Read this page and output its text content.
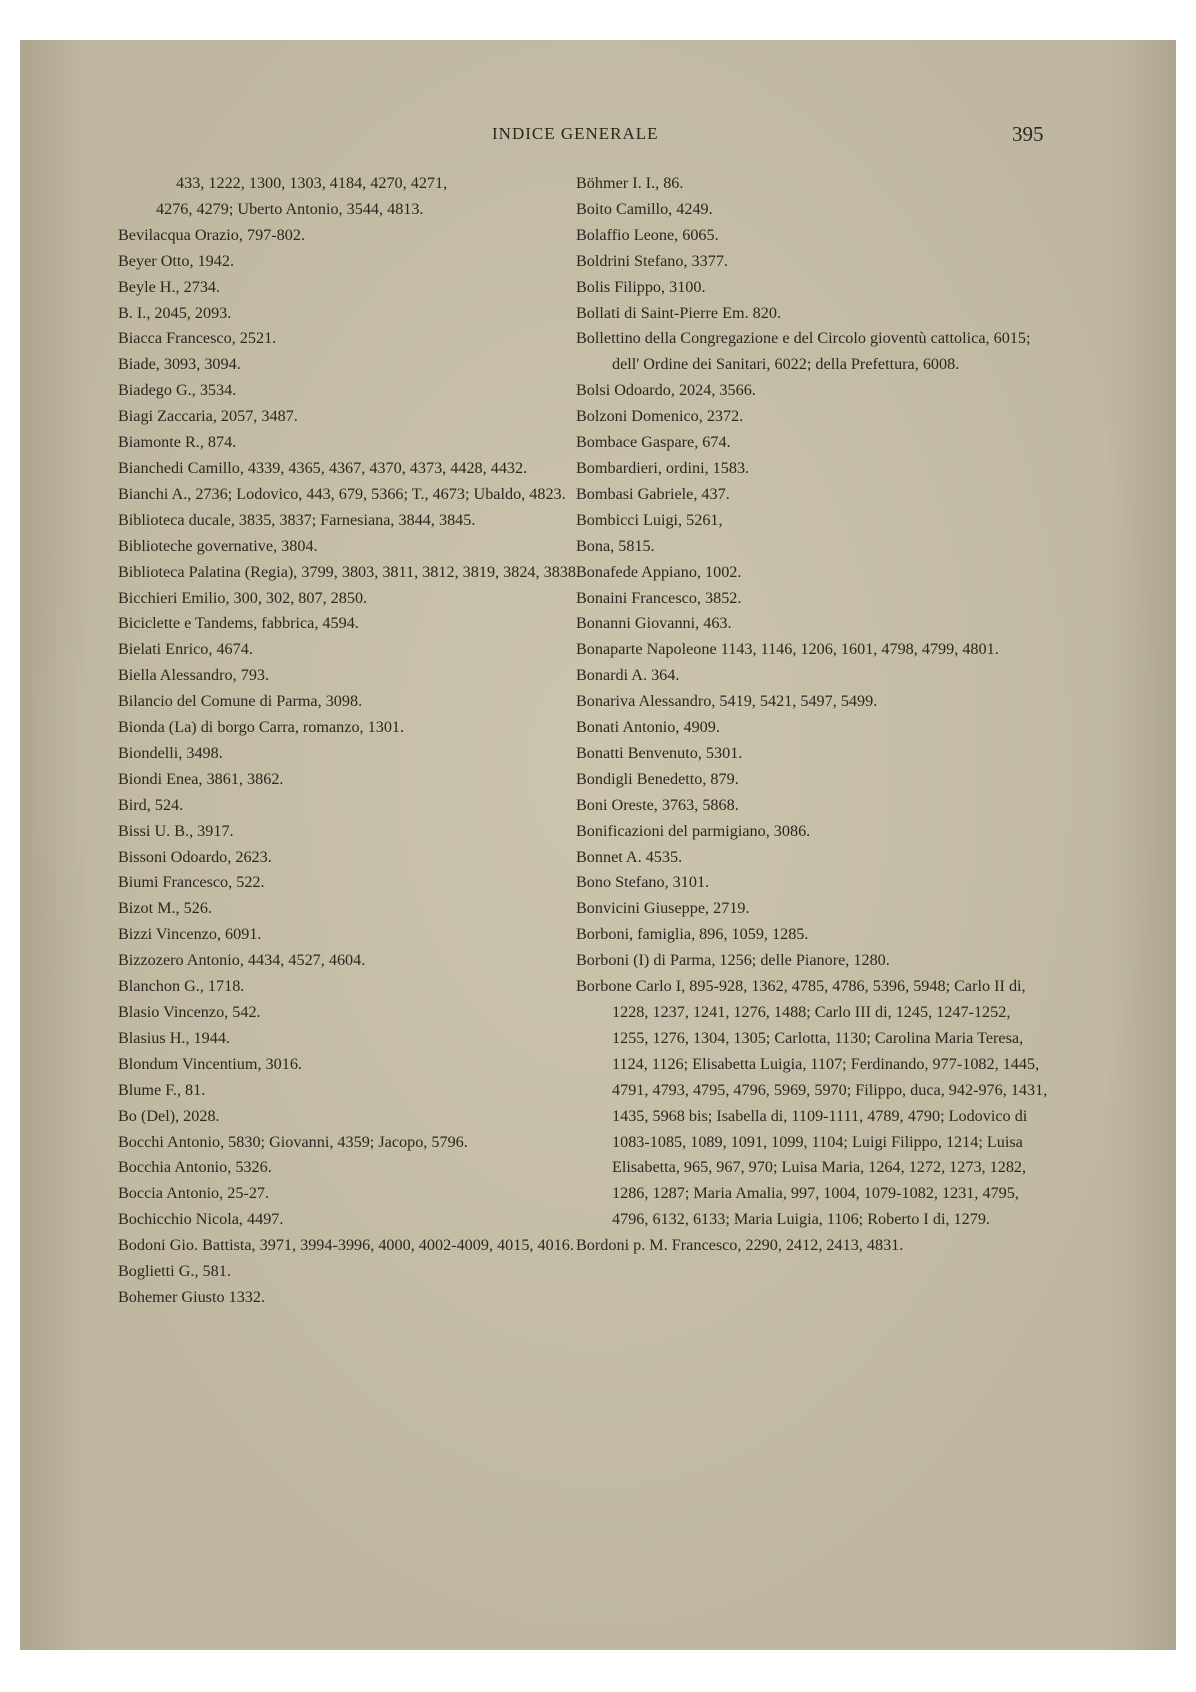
INDICE GENERALE	395

433, 1222, 1300, 1303, 4184, 4270, 4271,

4276, 4279; Uberto Antonio, 3544, 4813.

Bevilacqua Orazio, 797-802.

Beyer Otto, 1942.

Beyle H., 2734.

B. I., 2045, 2093.

Biacca Francesco, 2521.

Biade, 3093, 3094.

Biadego G., 3534.

Biagi Zaccaria, 2057, 3487.

Biamonte R., 874.

Bianchedi Camillo, 4339, 4365, 4367, 4370, 4373, 4428, 4432.

Bianchi A., 2736; Lodovico, 443, 679, 5366; T., 4673; Ubaldo, 4823.

Biblioteca ducale, 3835, 3837; Farnesiana, 3844, 3845.

Biblioteche governative, 3804.

Biblioteca Palatina (Regia), 3799, 3803, 3811, 3812, 3819, 3824, 3838.

Bicchieri Emilio, 300, 302, 807, 2850.

Biciclette e Tandems, fabbrica, 4594.

Bielati Enrico, 4674.

Biella Alessandro, 793.

Bilancio del Comune di Parma, 3098.

Bionda (La) di borgo Carra, romanzo, 1301.

Biondelli, 3498.

Biondi Enea, 3861, 3862.

Bird, 524.

Bissi U. B., 3917.

Bissoni Odoardo, 2623.

Biumi Francesco, 522.

Bizot M., 526.

Bizzi Vincenzo, 6091.

Bizzozero Antonio, 4434, 4527, 4604.

Blanchon G., 1718.

Blasio Vincenzo, 542.

Blasius H., 1944.

Blondum Vincentium, 3016.

Blume F., 81.

Bo (Del), 2028.

Bocchi Antonio, 5830; Giovanni, 4359; Jacopo, 5796.

Bocchia Antonio, 5326.

Boccia Antonio, 25-27.

Bochicchio Nicola, 4497.

Bodoni Gio. Battista, 3971, 3994-3996, 4000, 4002-4009, 4015, 4016.

Boglietti G., 581.

Bohemer Giusto 1332.

Böhmer I. I., 86.

Boito Camillo, 4249.

Bolaffio Leone, 6065.

Boldrini Stefano, 3377.

Bolis Filippo, 3100.

Bollati di Saint-Pierre Em. 820.

Bollettino della Congregazione e del Circolo gioventù cattolica, 6015; dell' Ordine dei Sanitari, 6022; della Prefettura, 6008.

Bolsi Odoardo, 2024, 3566.

Bolzoni Domenico, 2372.

Bombace Gaspare, 674.

Bombardieri, ordini, 1583.

Bombasi Gabriele, 437.

Bombicci Luigi, 5261,

Bona, 5815.

Bonafede Appiano, 1002.

Bonaini Francesco, 3852.

Bonanni Giovanni, 463.

Bonaparte Napoleone 1143, 1146, 1206, 1601, 4798, 4799, 4801.

Bonardi A. 364.

Bonariva Alessandro, 5419, 5421, 5497, 5499.

Bonati Antonio, 4909.

Bonatti Benvenuto, 5301.

Bondigli Benedetto, 879.

Boni Oreste, 3763, 5868.

Bonificazioni del parmigiano, 3086.

Bonnet A. 4535.

Bono Stefano, 3101.

Bonvicini Giuseppe, 2719.

Borboni, famiglia, 896, 1059, 1285.

Borboni (I) di Parma, 1256; delle Pianore, 1280.

Borbone Carlo I, 895-928, 1362, 4785, 4786, 5396, 5948; Carlo II di, 1228, 1237, 1241, 1276, 1488; Carlo III di, 1245, 1247-1252, 1255, 1276, 1304, 1305; Carlotta, 1130; Carolina Maria Teresa, 1124, 1126; Elisabetta Luigia, 1107; Ferdinando, 977-1082, 1445, 4791, 4793, 4795, 4796, 5969, 5970; Filippo, duca, 942-976, 1431, 1435, 5968 bis; Isabella di, 1109-1111, 4789, 4790; Lodovico di 1083-1085, 1089, 1091, 1099, 1104; Luigi Filippo, 1214; Luisa Elisabetta, 965, 967, 970; Luisa Maria, 1264, 1272, 1273, 1282, 1286, 1287; Maria Amalia, 997, 1004, 1079-1082, 1231, 4795, 4796, 6132, 6133; Maria Luigia, 1106; Roberto I di, 1279.

Bordoni p. M. Francesco, 2290, 2412, 2413, 4831.
